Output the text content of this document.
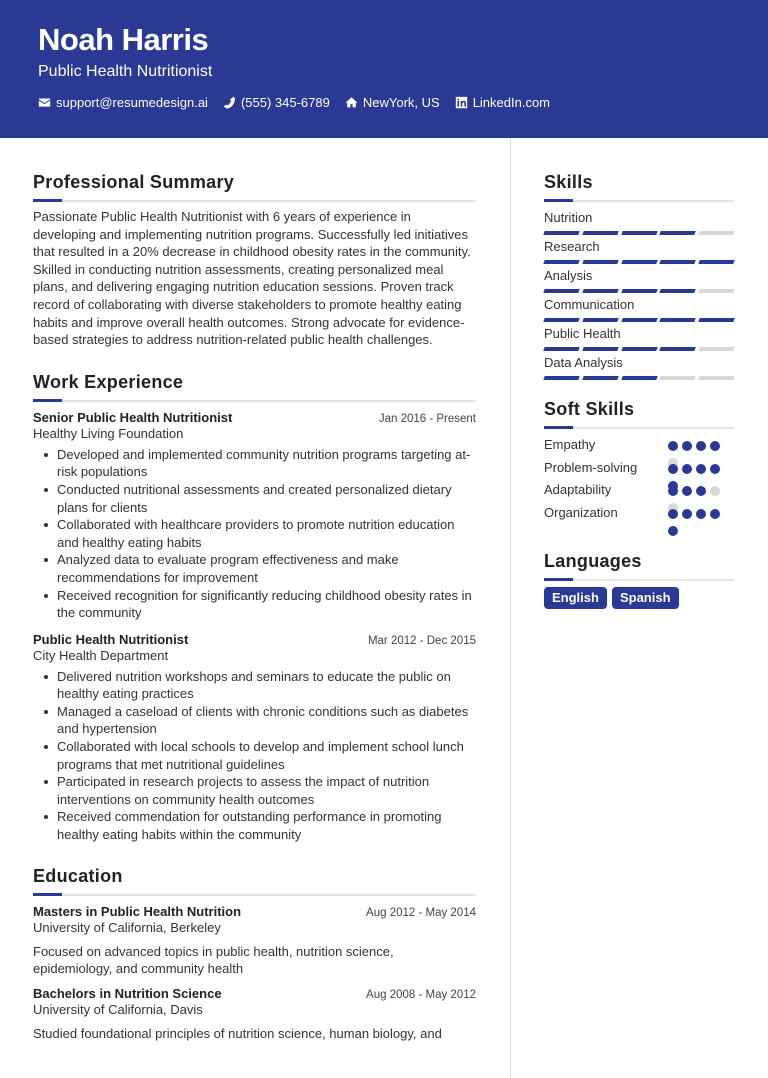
Noah Harris
Public Health Nutritionist
support@resumedesign.ai	(555) 345-6789	NewYork, US	LinkedIn.com
Professional Summary

Passionate Public Health Nutritionist with 6 years of experience in developing and implementing nutrition programs. Successfully led initiatives that resulted in a 20% decrease in childhood obesity rates in the community. Skilled in conducting nutrition assessments, creating personalized meal plans, and delivering engaging nutrition education sessions. Proven track record of collaborating with diverse stakeholders to promote healthy eating habits and improve overall health outcomes. Strong advocate for evidence-based strategies to address nutrition-related public health challenges.

Work Experience
Senior Public Health Nutritionist	Jan 2016 - Present
Healthy Living Foundation
Developed and implemented community nutrition programs targeting at-risk populations
Conducted nutritional assessments and created personalized dietary plans for clients
Collaborated with healthcare providers to promote nutrition education and healthy eating habits
Analyzed data to evaluate program effectiveness and make recommendations for improvement
Received recognition for significantly reducing childhood obesity rates in the community
Public Health Nutritionist	Mar 2012 - Dec 2015
City Health Department
Delivered nutrition workshops and seminars to educate the public on healthy eating practices
Managed a caseload of clients with chronic conditions such as diabetes and hypertension
Collaborated with local schools to develop and implement school lunch programs that met nutritional guidelines
Participated in research projects to assess the impact of nutrition interventions on community health outcomes
Received commendation for outstanding performance in promoting healthy eating habits within the community
Education
Masters in Public Health Nutrition	Aug 2012 - May 2014
University of California, Berkeley

Focused on advanced topics in public health, nutrition science, epidemiology, and community health

Bachelors in Nutrition Science	Aug 2008 - May 2012
University of California, Davis

Studied foundational principles of nutrition science, human biology, and

Skills
Nutrition
Research
Analysis
Communication
Public Health
Data Analysis
Soft Skills
Empathy
Problem-solving
Adaptability
Organization
Languages
English	Spanish
